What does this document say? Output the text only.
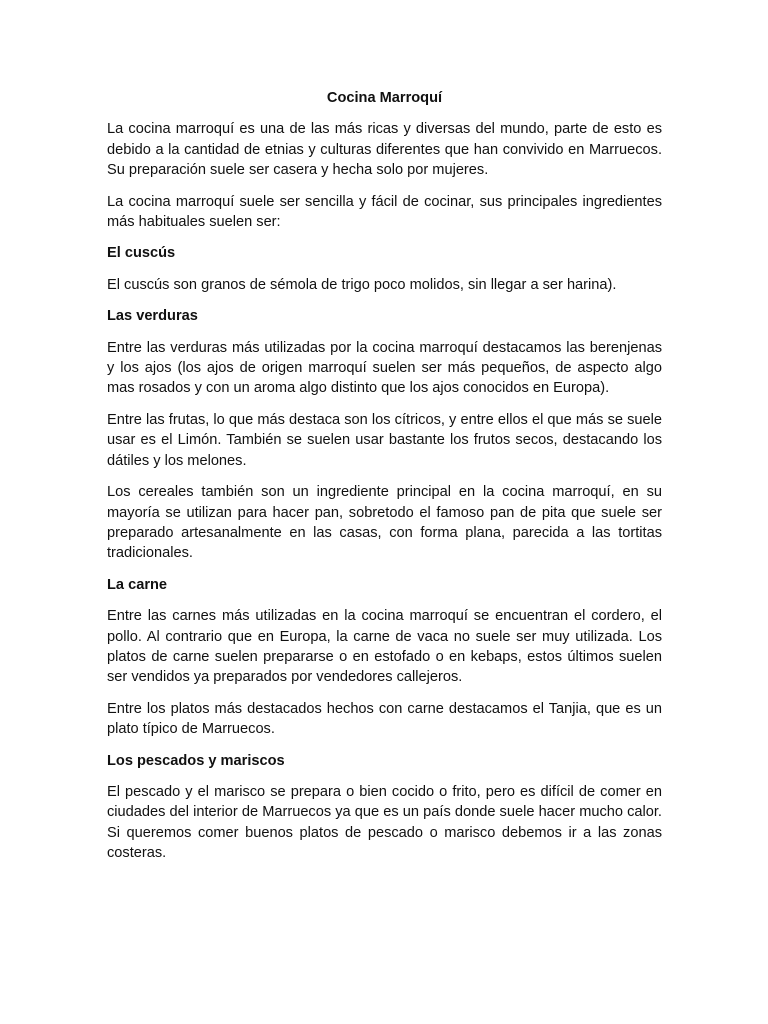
Cocina Marroquí
La cocina marroquí es una de las más ricas y diversas del mundo, parte de esto es debido a la cantidad de etnias y culturas diferentes que han convivido en Marruecos. Su preparación suele ser casera y hecha solo por mujeres.
La cocina marroquí suele ser sencilla y fácil de cocinar, sus principales ingredientes más habituales suelen ser:
El cuscús
El cuscús son granos de sémola de trigo poco molidos, sin llegar a ser harina).
Las verduras
Entre las verduras más utilizadas por la cocina marroquí destacamos las berenjenas y los ajos (los ajos de origen marroquí suelen ser más pequeños, de aspecto algo mas rosados y con un aroma algo distinto que los ajos conocidos en Europa).
Entre las frutas, lo que más destaca son los cítricos, y entre ellos el que más se suele usar es el Limón. También se suelen usar bastante los frutos secos, destacando los dátiles y los melones.
Los cereales también son un ingrediente principal en la cocina marroquí, en su mayoría se utilizan para hacer pan, sobretodo el famoso pan de pita que suele ser preparado artesanalmente en las casas, con forma plana, parecida a las tortitas tradicionales.
La carne
Entre las carnes más utilizadas en la cocina marroquí se encuentran el cordero, el pollo. Al contrario que en Europa, la carne de vaca no suele ser muy utilizada. Los platos de carne suelen prepararse o en estofado o en kebaps, estos últimos suelen ser vendidos ya preparados por vendedores callejeros.
Entre los platos más destacados hechos con carne destacamos el Tanjia, que es un plato típico de Marruecos.
Los pescados y mariscos
El pescado y el marisco se prepara o bien cocido o frito, pero es difícil de comer en ciudades del interior de Marruecos ya que es un país donde suele hacer mucho calor. Si queremos comer buenos platos de pescado o marisco debemos ir a las zonas costeras.
